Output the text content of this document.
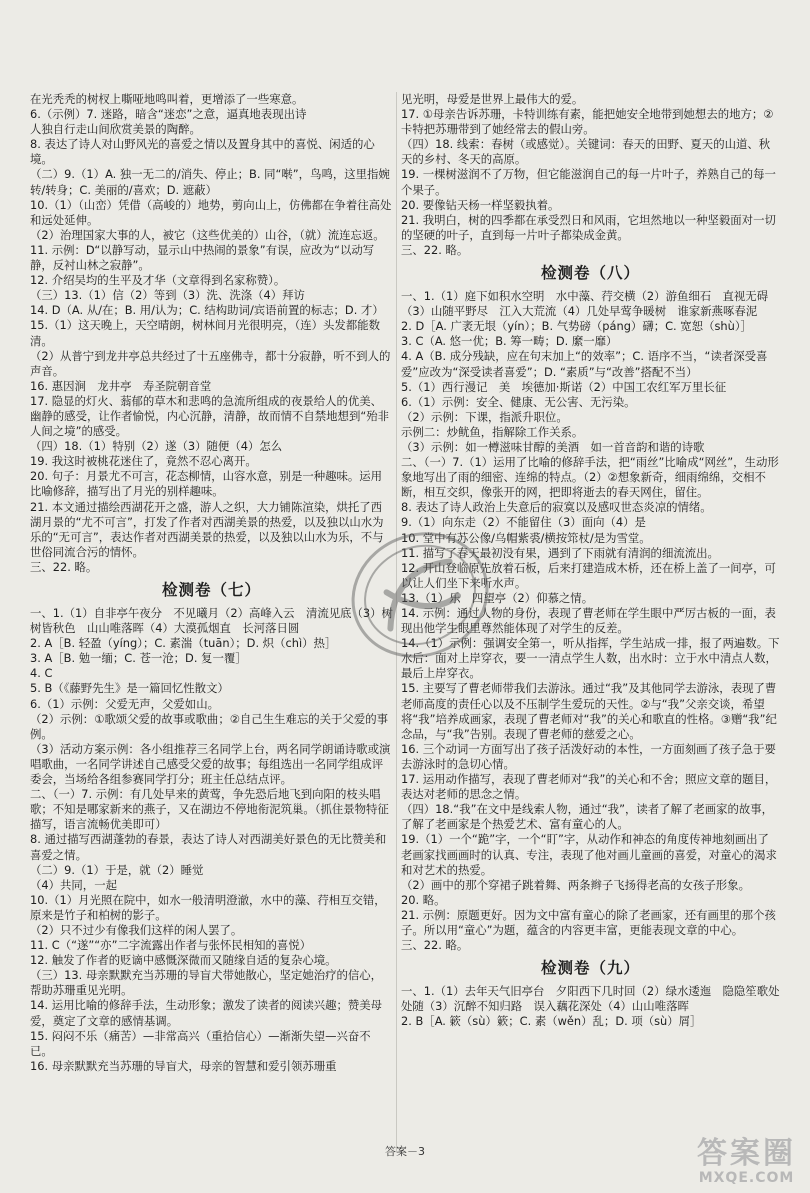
在光秃秃的树杈上嘶哑地鸣叫着，更增添了一些寒意。

6.（示例）7. 迷路，暗含“迷恋”之意，逼真地表现出诗

人独自行走山间欣赏美景的陶醉。

8. 表达了诗人对山野风光的喜爱之情以及置身其中的喜悦、闲适的心境。

（二）9.（1）A. 独一无二的/消失、停止；B. 同“啭”，鸟鸣，这里指婉转/转身；C. 美丽的/喜欢；D. 遮蔽）

10.（1）（山峦）凭借（高峻的）地势，剪向山上，仿佛都在争着往高处和远处延伸。

（2）治理国家大事的人，被它（这些优美的）山谷，（就）流连忘返。

11. 示例：D“以静写动，显示山中热闹的景象”有误，应改为“以动写静，反衬山林之寂静”。

12. 介绍吴均的生平及才华（文章得到名家称赞）。

（三）13.（1）信（2）等到（3）洗、洗涤（4）拜访

14. D（A. 从/在；B. 用/认为；C. 结构助词/宾语前置的标志；D. 才）

15.（1）这天晚上，天空晴朗，树林间月光很明亮，（连）头发都能数清。

（2）从普宁到龙井亭总共经过了十五座佛寺，都十分寂静，听不到人的声音。

16. 惠因涧　龙井亭　寿圣院朝音堂

17. 隐显的灯火、蓊郁的草木和悲鸣的急流所组成的夜景给人的优美、幽静的感受，让作者愉悦，内心沉静，清静，故而情不自禁地想到“殆非人间之境”的感受。

（四）18.（1）特别（2）遂（3）随便（4）怎么

19. 我这时被桃花迷住了，竟然不忍心离开。

20. 句子：月景尤不可言，花态柳情，山容水意，别是一种趣味。运用比喻修辞，描写出了月光的别样趣味。

21. 本文通过描绘西湖花开之盛，游人之织，大力铺陈渲染，烘托了西湖月景的“尤不可言”，打发了作者对西湖美景的热爱，以及独以山水为乐的“无可言”，表达作者对西湖美景的热爱，以及独以山水为乐，不与世俗同流合污的情怀。

三、22. 略。

检测卷（七）

一、1.（1）自非亭午夜分　不见曦月（2）高峰入云　清流见底（3）树树皆秋色　山山唯落晖（4）大漠孤烟直　长河落日圆

2. A［B. 轻盈（yíng）；C. 素湍（tuān）；D. 炽（chì）热］

3. A［B. 勉一缅；C. 苍一沧；D. 复一覆］

4. C

5. B（《藤野先生》是一篇回忆性散文）

6.（1）示例：父爱无声，父爱如山。

（2）示例：①歌颂父爱的故事或歌曲；②自己生生难忘的关于父爱的事例。

（3）活动方案示例：各小组推荐三名同学上台，两名同学朗诵诗歌或演唱歌曲，一名同学讲述自己感受父爱的故事；每组选出一名同学组成评委会，当场给各组参赛同学打分；班主任总结点评。

二、（一）7. 示例：有几处早来的黄莺，争先恐后地飞到向阳的枝头唱歌；不知是哪家新来的燕子，又在湖边不停地衔泥筑巢。（抓住景物特征描写，语言流畅优美即可）

8. 通过描写西湖蓬勃的春景，表达了诗人对西湖美好景色的无比赞美和喜爱之情。

（二）9.（1）于是，就（2）睡觉

（4）共同，一起

10.（1）月光照在院中，如水一般清明澄澈，水中的藻、荇相互交错，原来是竹子和柏树的影子。

（2）只不过少有像我们这样的闲人罢了。

11. C（“遂”“亦”二字流露出作者与张怀民相知的喜悦）

12. 触发了作者的贬谪中感慨深微而又随缘自适的复杂心境。

（三）13. 母亲默默充当苏珊的导盲犬带她散心，坚定她治疗的信心，帮助苏珊重见光明。

14. 运用比喻的修辞手法，生动形象；激发了读者的阅读兴趣；赞美母爱，奠定了文章的感情基调。

15. 闷闷不乐（痛苦）—非常高兴（重拾信心）—渐渐失望—兴奋不已。

16. 母亲默默充当苏珊的导盲犬，母亲的智慧和爱引领苏珊重

见光明，母爱是世界上最伟大的爱。

17. ①母亲告诉苏珊，卡特训练有素，能把她安全地带到她想去的地方；②卡特把苏珊带到了她经常去的假山旁。

（四）18. 线索：春树（或感觉）。关键词：春天的田野、夏天的山道、秋天的乡村、冬天的高原。

19. 一棵树滋润不了万物，但它能滋润自己的每一片叶子，养熟自己的每一个果子。

20. 要像钻天杨一样坚毅执着。

21. 我明白，树的四季都在承受烈日和风雨，它坦然地以一种坚毅面对一切的坚硬的叶子，直到每一片叶子都染成金黄。

三、22. 略。

检测卷（八）

一、1.（1）庭下如积水空明　水中藻、荇交横（2）游鱼细石　直视无碍（3）山随平野尽　江入大荒流（4）几处早莺争暖树　谁家新燕啄春泥

2. D［A. 广袤无垠（yín）；B. 气势磅（páng）礴；C. 宽恕（shù）］

3. C（A. 悠一优；B. 筹一畴；D. 縻一靡）

4. A（B. 成分残缺，应在句末加上“的效率”；C. 语序不当，“读者深受喜爱”应改为“深受读者喜爱”；D. “素质”与“改善”搭配不当）

5.（1）西行漫记　美　埃德加·斯诺（2）中国工农红军万里长征

6.（1）示例：安全、健康、无公害、无污染。

（2）示例：下课，指派升职位。

示例二：炒鱿鱼，指解除工作关系。

（3）示例：如一樽滋味甘醇的美酒　如一首音韵和谐的诗歌

二、（一）7.（1）运用了比喻的修辞手法，把“雨丝”比喻成“网丝”，生动形象地写出了雨的细密、连绵的特点。（2）②想象新奇，细雨绵绵，交相不断，相互交织，像张开的网，把即将逝去的春天网住，留住。

8. 表达了诗人政治上失意后的寂寞以及感叹世态炎凉的情绪。

9.（1）向东走（2）不能留住（3）面向（4）是

10. 堂中有苏公像/乌帽紫裘/横按筇杖/是为雪堂。

11. 描写了春天最初没有果，遇到了下雨就有清润的细流流出。

12. 开山登临原先放着石板，后来打建造成木桥，还在桥上盖了一间亭，可以让人们坐下来听水声。

13.（1）乐　四望亭（2）仰慕之情。

14. 示例：通过人物的身份，表现了曹老师在学生眼中严厉古板的一面，表现出他学生眼里尊然能体现了对学生的反差。

14.（1）示例：强调安全第一，听从指挥，学生站成一排，报了两遍数。下水后：面对上岸穿衣，要一一清点学生人数，出水时：立于水中清点人数，最后上岸穿衣。

15. 主要写了曹老师带我们去游泳。通过“我”及其他同学去游泳，表现了曹老师高度的责任心以及不压制学生爱玩的天性。②与“我”父亲交谈，希望将“我”培养成画家，表现了曹老师对“我”的关心和歌直的性格。③赠“我”纪念品，与“我”告别。表现了曹老师的慈爱之心。

16. 三个动词一方面写出了孩子活泼好动的本性，一方面刻画了孩子急于要去游泳时的急切心情。

17. 运用动作描写，表现了曹老师对“我”的关心和不舍；照应文章的题目，表达对老师的思念之情。

（四）18.“我”在文中是线索人物，通过“我”，读者了解了老画家的故事，了解了老画家是个热爱艺术、富有童心的人。

19.（1）一个“跪”字，一个“盯”字，从动作和神态的角度传神地刻画出了老画家找画画时的认真、专注，表现了他对画儿童画的喜爱，对童心的渴求和对艺术的热爱。

（2）画中的那个穿裙子跳着舞、两条辫子飞扬得老高的女孩子形象。

20. 略。

21. 示例：原题更好。因为文中富有童心的除了老画家，还有画里的那个孩子。所以用“童心”为题，蕴含的内容更丰富，更能表现文章的中心。

三、22. 略。

检测卷（九）

一、1.（1）去年天气旧亭台　夕阳西下几时回（2）绿水逶迤　隐隐笙歌处处随（3）沉醉不知归路　误入藕花深处（4）山山唯落晖

2. B［A. 簌（sù）簌；C. 素（wěn）乱；D. 项（sù）屑］

答案－3	答案圈
MXQE.COM
